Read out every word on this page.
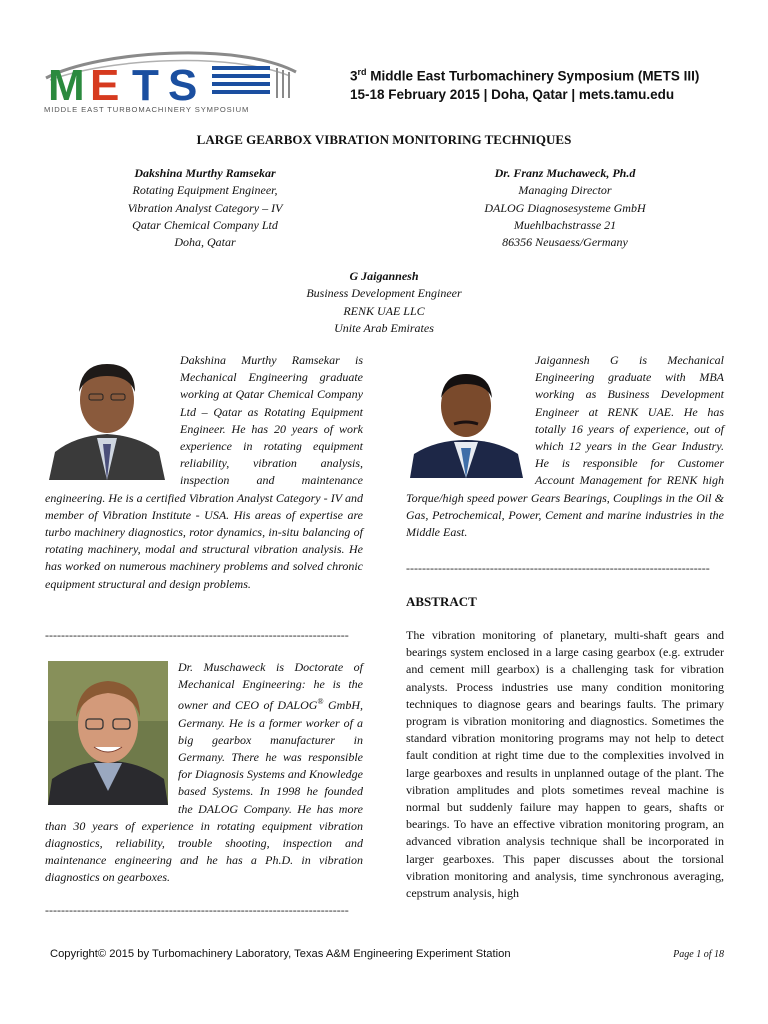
M E T S
MIDDLE EAST TURBOMACHINERY SYMPOSIUM
3rd Middle East Turbomachinery Symposium (METS III)
15-18 February 2015 | Doha, Qatar | mets.tamu.edu
LARGE GEARBOX VIBRATION MONITORING TECHNIQUES
Dakshina Murthy Ramsekar
Rotating Equipment Engineer,
Vibration Analyst Category – IV
Qatar Chemical Company Ltd
Doha, Qatar
Dr. Franz Muchaweck, Ph.d
Managing Director
DALOG Diagnosesysteme GmbH
Muehlbachstrasse 21
86356 Neusaess/Germany
G Jaigannesh
Business Development Engineer
RENK UAE LLC
Unite Arab Emirates

Dakshina Murthy Ramsekar is Mechanical Engineering graduate working at Qatar Chemical Company Ltd – Qatar as Rotating Equipment Engineer. He has 20 years of work experience in rotating equipment reliability, vibration analysis, inspection and maintenance engineering. He is a certified Vibration Analyst Category - IV and member of Vibration Institute - USA. His areas of expertise are turbo machinery diagnostics, rotor dynamics, in-situ balancing of rotating machinery, modal and structural vibration analysis. He has worked on numerous machinery problems and solved chronic equipment structural and design problems.

----------------------------------------------------------------------------

Dr. Muschaweck is Doctorate of Mechanical Engineering: he is the owner and CEO of DALOG® GmbH, Germany. He is a former worker of a big gearbox manufacturer in Germany. There he was responsible for Diagnosis Systems and Knowledge based Systems. In 1998 he founded the DALOG Company. He has more than 30 years of experience in rotating equipment vibration diagnostics, reliability, trouble shooting, inspection and maintenance engineering and he has a Ph.D. in vibration diagnostics on gearboxes.

----------------------------------------------------------------------------

Jaigannesh G is Mechanical Engineering graduate with MBA working as Business Development Engineer at RENK UAE. He has totally 16 years of experience, out of which 12 years in the Gear Industry. He is responsible for Customer Account Management for RENK high Torque/high speed power Gears Bearings, Couplings in the Oil & Gas, Petrochemical, Power, Cement and marine industries in the Middle East.

----------------------------------------------------------------------------
ABSTRACT

The vibration monitoring of planetary, multi-shaft gears and bearings system enclosed in a large casing gearbox (e.g. extruder and cement mill gearbox) is a challenging task for vibration analysts. Process industries use many condition monitoring techniques to diagnose gears and bearings faults. The primary program is vibration monitoring and diagnostics. Sometimes the standard vibration monitoring programs may not help to detect fault condition at right time due to the complexities involved in large gearboxes and results in unplanned outage of the plant. The vibration amplitudes and plots sometimes reveal machine is normal but suddenly failure may happen to gears, shafts or bearings. To have an effective vibration monitoring program, an advanced vibration analysis technique shall be incorporated in larger gearboxes. This paper discusses about the torsional vibration monitoring and analysis, time synchronous averaging, cepstrum analysis, high

Copyright© 2015 by Turbomachinery Laboratory, Texas A&M Engineering Experiment Station	Page 1 of 18
